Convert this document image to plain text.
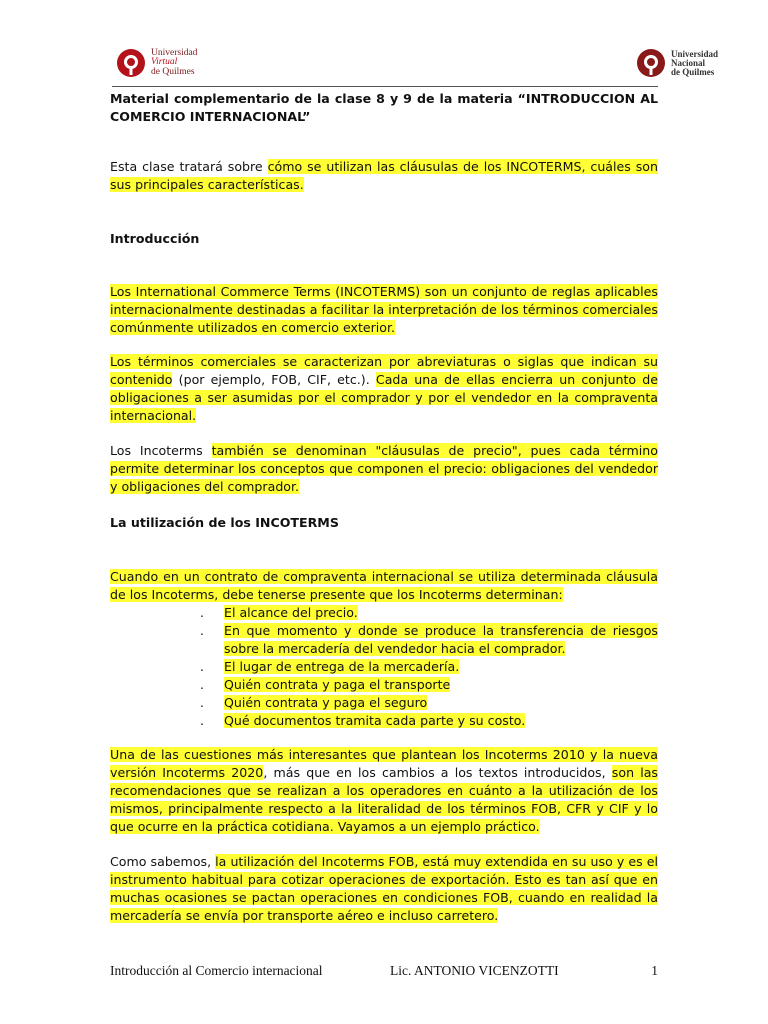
Universidad
Virtual
de Quilmes
Universidad
Nacional
de Quilmes

Material complementario de la clase 8 y 9 de la materia “INTRODUCCION AL COMERCIO INTERNACIONAL”

Esta clase tratará sobre cómo se utilizan las cláusulas de los INCOTERMS, cuáles son sus principales características.

Introducción

Los International Commerce Terms (INCOTERMS) son un conjunto de reglas aplicables internacionalmente destinadas a facilitar la interpretación de los términos comerciales comúnmente utilizados en comercio exterior.

Los términos comerciales se caracterizan por abreviaturas o siglas que indican su contenido (por ejemplo, FOB, CIF, etc.). Cada una de ellas encierra un conjunto de obligaciones a ser asumidas por el comprador y por el vendedor en la compraventa internacional.

Los Incoterms también se denominan "cláusulas de precio", pues cada término permite determinar los conceptos que componen el precio: obligaciones del vendedor y obligaciones del comprador.

La utilización de los INCOTERMS

Cuando en un contrato de compraventa internacional se utiliza determinada cláusula de los Incoterms, debe tenerse presente que los Incoterms determinan:

. El alcance del precio.
. En que momento y donde se produce la transferencia de riesgos sobre la mercadería del vendedor hacia el comprador.
. El lugar de entrega de la mercadería.
. Quién contrata y paga el transporte
. Quién contrata y paga el seguro
. Qué documentos tramita cada parte y su costo.

Una de las cuestiones más interesantes que plantean los Incoterms 2010 y la nueva versión Incoterms 2020, más que en los cambios a los textos introducidos, son las recomendaciones que se realizan a los operadores en cuánto a la utilización de los mismos, principalmente respecto a la literalidad de los términos FOB, CFR y CIF y lo que ocurre en la práctica cotidiana. Vayamos a un ejemplo práctico.

Como sabemos, la utilización del Incoterms FOB, está muy extendida en su uso y es el instrumento habitual para cotizar operaciones de exportación. Esto es tan así que en muchas ocasiones se pactan operaciones en condiciones FOB, cuando en realidad la mercadería se envía por transporte aéreo e incluso carretero.

Introducción al Comercio internacional	Lic. ANTONIO VICENZOTTI	1
